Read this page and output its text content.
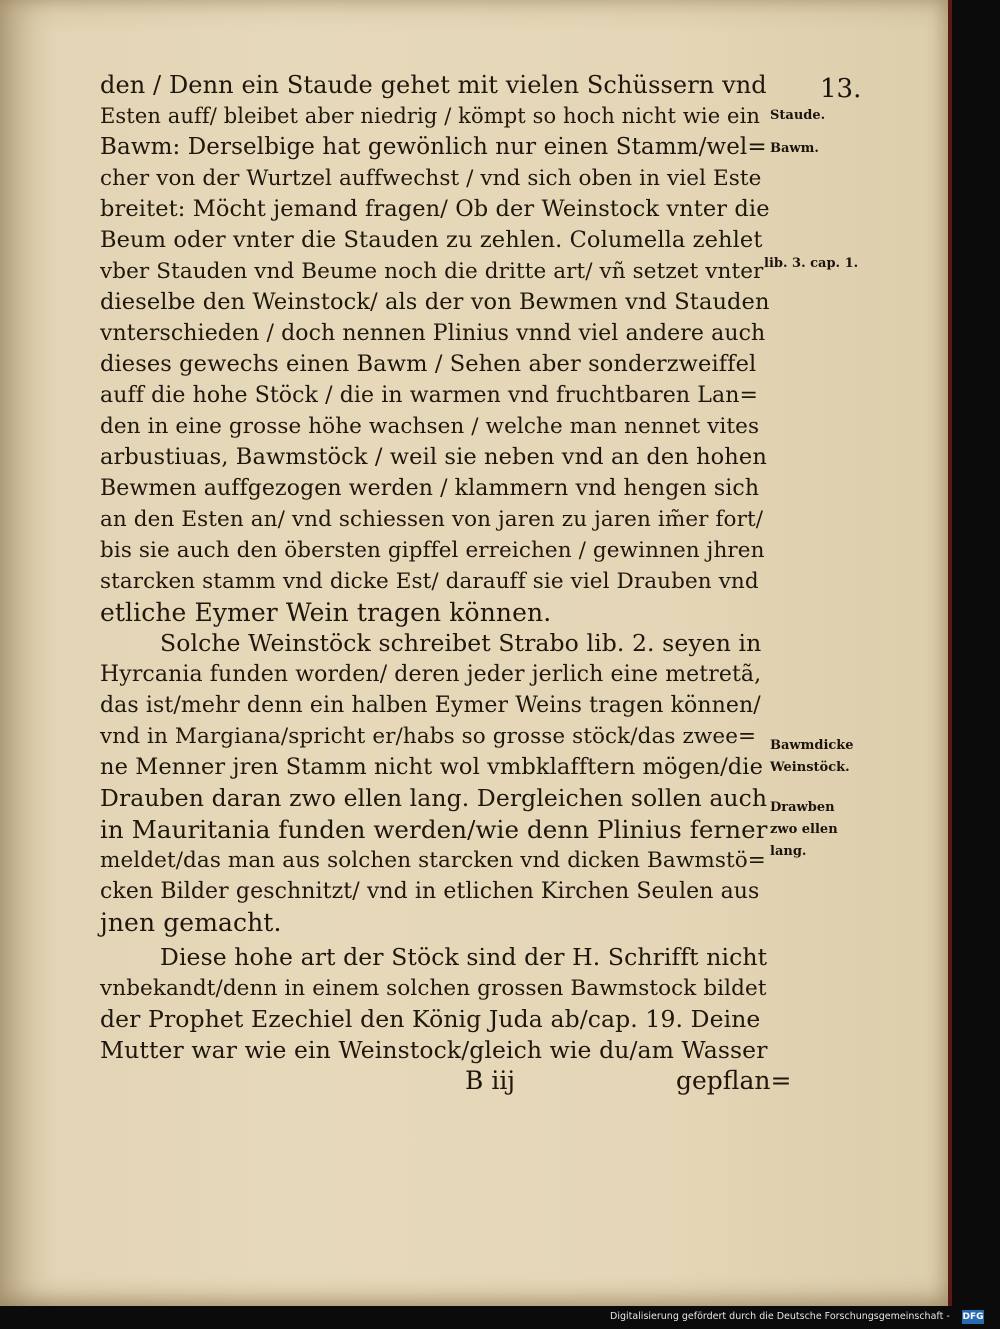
13.
den / Denn ein Staude gehet mit vielen Schüssern vnd
Esten auff/ bleibet aber niedrig / kömpt so hoch nicht wie ein
Bawm: Derselbige hat gewönlich nur einen Stamm/wel=
cher von der Wurtzel auffwechst / vnd sich oben in viel Este
breitet: Möcht jemand fragen/ Ob der Weinstock vnter die
Beum oder vnter die Stauden zu zehlen. Columella zehlet
vber Stauden vnd Beume noch die dritte art/ vñ setzet vnter
dieselbe den Weinstock/ als der von Bewmen vnd Stauden
vnterschieden / doch nennen Plinius vnnd viel andere auch
dieses gewechs einen Bawm / Sehen aber sonderzweiffel
auff die hohe Stöck / die in warmen vnd fruchtbaren Lan=
den in eine grosse höhe wachsen / welche man nennet vites
arbustiuas, Bawmstöck / weil sie neben vnd an den hohen
Bewmen auffgezogen werden / klammern vnd hengen sich
an den Esten an/ vnd schiessen von jaren zu jaren im̃er fort/
bis sie auch den öbersten gipffel erreichen / gewinnen jhren
starcken stamm vnd dicke Est/ darauff sie viel Drauben vnd
etliche Eymer Wein tragen können.
Solche Weinstöck schreibet Strabo lib. 2. seyen in
Hyrcania funden worden/ deren jeder jerlich eine metretã,
das ist/mehr denn ein halben Eymer Weins tragen können/
vnd in Margiana/spricht er/habs so grosse stöck/das zwee=
ne Menner jren Stamm nicht wol vmbklafftern mögen/die
Drauben daran zwo ellen lang. Dergleichen sollen auch
in Mauritania funden werden/wie denn Plinius ferner
meldet/das man aus solchen starcken vnd dicken Bawmstö=
cken Bilder geschnitzt/ vnd in etlichen Kirchen Seulen aus
jnen gemacht.
Diese hohe art der Stöck sind der H. Schrifft nicht
vnbekandt/denn in einem solchen grossen Bawmstock bildet
der Prophet Ezechiel den König Juda ab/cap. 19. Deine
Mutter war wie ein Weinstock/gleich wie du/am Wasser
Staude.
Bawm.
lib. 3. cap. 1.
Bawmdicke
Weinstöck.
Drawben
zwo ellen
lang.
B iij	gepflan=
Digitalisierung gefördert durch die Deutsche Forschungsgemeinschaft - DFG
